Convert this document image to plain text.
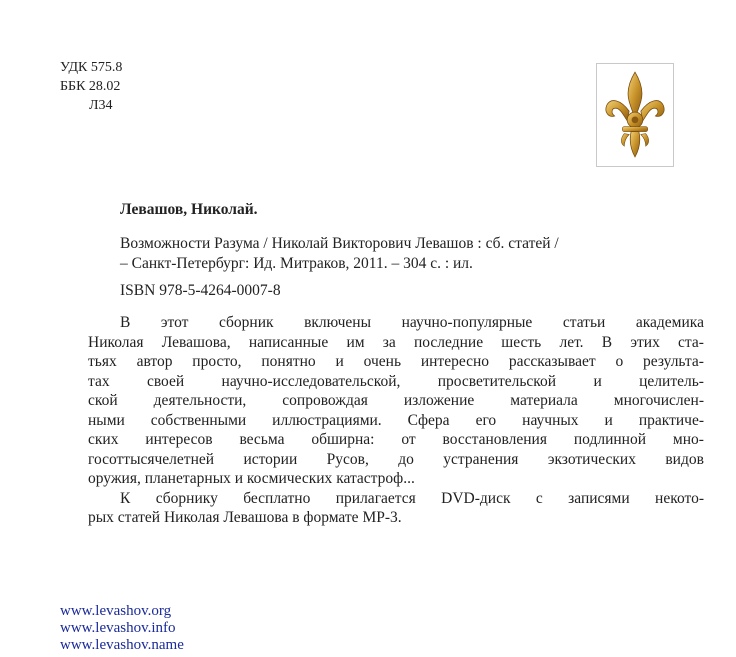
УДК 575.8
ББК 28.02
Л34
Левашов, Николай.
Возможности Разума / Николай Викторович Левашов : сб. статей /
– Санкт-Петербург: Ид. Митраков, 2011. – 304 с. : ил.
ISBN 978-5-4264-0007-8
В этот сборник включены научно-популярные статьи академика
Николая Левашова, написанные им за последние шесть лет. В этих ста-
тьях автор просто, понятно и очень интересно рассказывает о результа-
тах своей научно-исследовательской, просветительской и целитель-
ской деятельности, сопровождая изложение материала многочислен-
ными собственными иллюстрациями. Сфера его научных и практиче-
ских интересов весьма обширна: от восстановления подлинной мно-
госоттысячелетней истории Русов, до устранения экзотических видов
оружия, планетарных и космических катастроф...
К сборнику бесплатно прилагается DVD-диск с записями некото-
рых статей Николая Левашова в формате MP-3.
www.levashov.org
www.levashov.info
www.levashov.name
